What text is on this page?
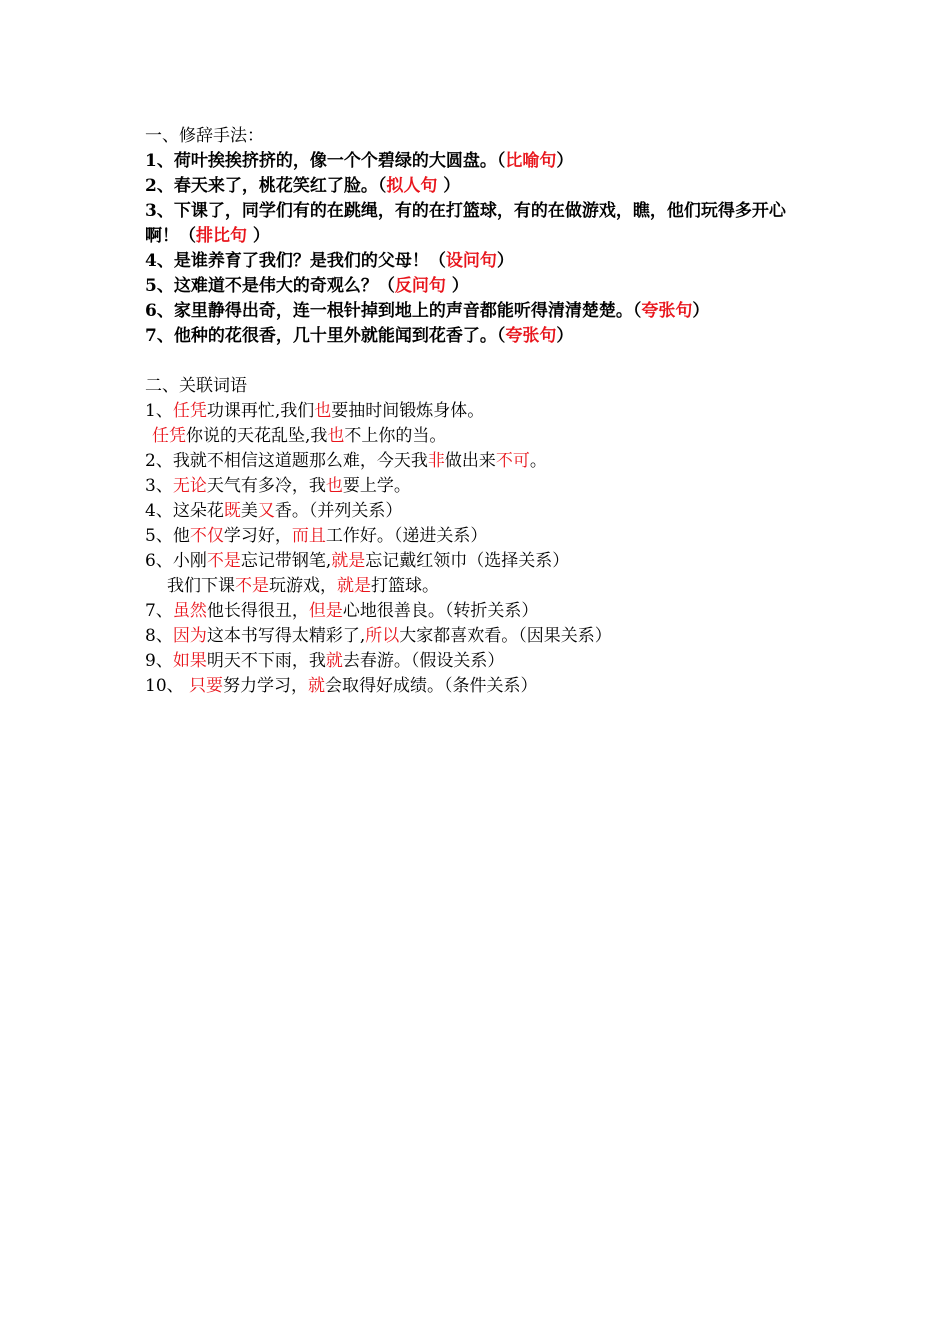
一、修辞手法：
1、荷叶挨挨挤挤的，像一个个碧绿的大圆盘。（比喻句）
2、春天来了，桃花笑红了脸。（拟人句 ）
3、下课了，同学们有的在跳绳，有的在打篮球，有的在做游戏，瞧，他们玩得多开心啊！（排比句 ）
4、是谁养育了我们？是我们的父母！（设问句）
5、这难道不是伟大的奇观么？（反问句 ）
6、家里静得出奇，连一根针掉到地上的声音都能听得清清楚楚。（夸张句）
7、他种的花很香，几十里外就能闻到花香了。（夸张句）
二、关联词语
1、任凭功课再忙,我们也要抽时间锻炼身体。
任凭你说的天花乱坠,我也不上你的当。
2、我就不相信这道题那么难，今天我非做出来不可。
3、无论天气有多冷，我也要上学。
4、这朵花既美又香。（并列关系）
5、他不仅学习好，而且工作好。（递进关系）
6、小刚不是忘记带钢笔,就是忘记戴红领巾（选择关系）
我们下课不是玩游戏，就是打篮球。
7、虽然他长得很丑，但是心地很善良。（转折关系）
8、因为这本书写得太精彩了,所以大家都喜欢看。（因果关系）
9、如果明天不下雨，我就去春游。（假设关系）
10、 只要努力学习，就会取得好成绩。（条件关系）
